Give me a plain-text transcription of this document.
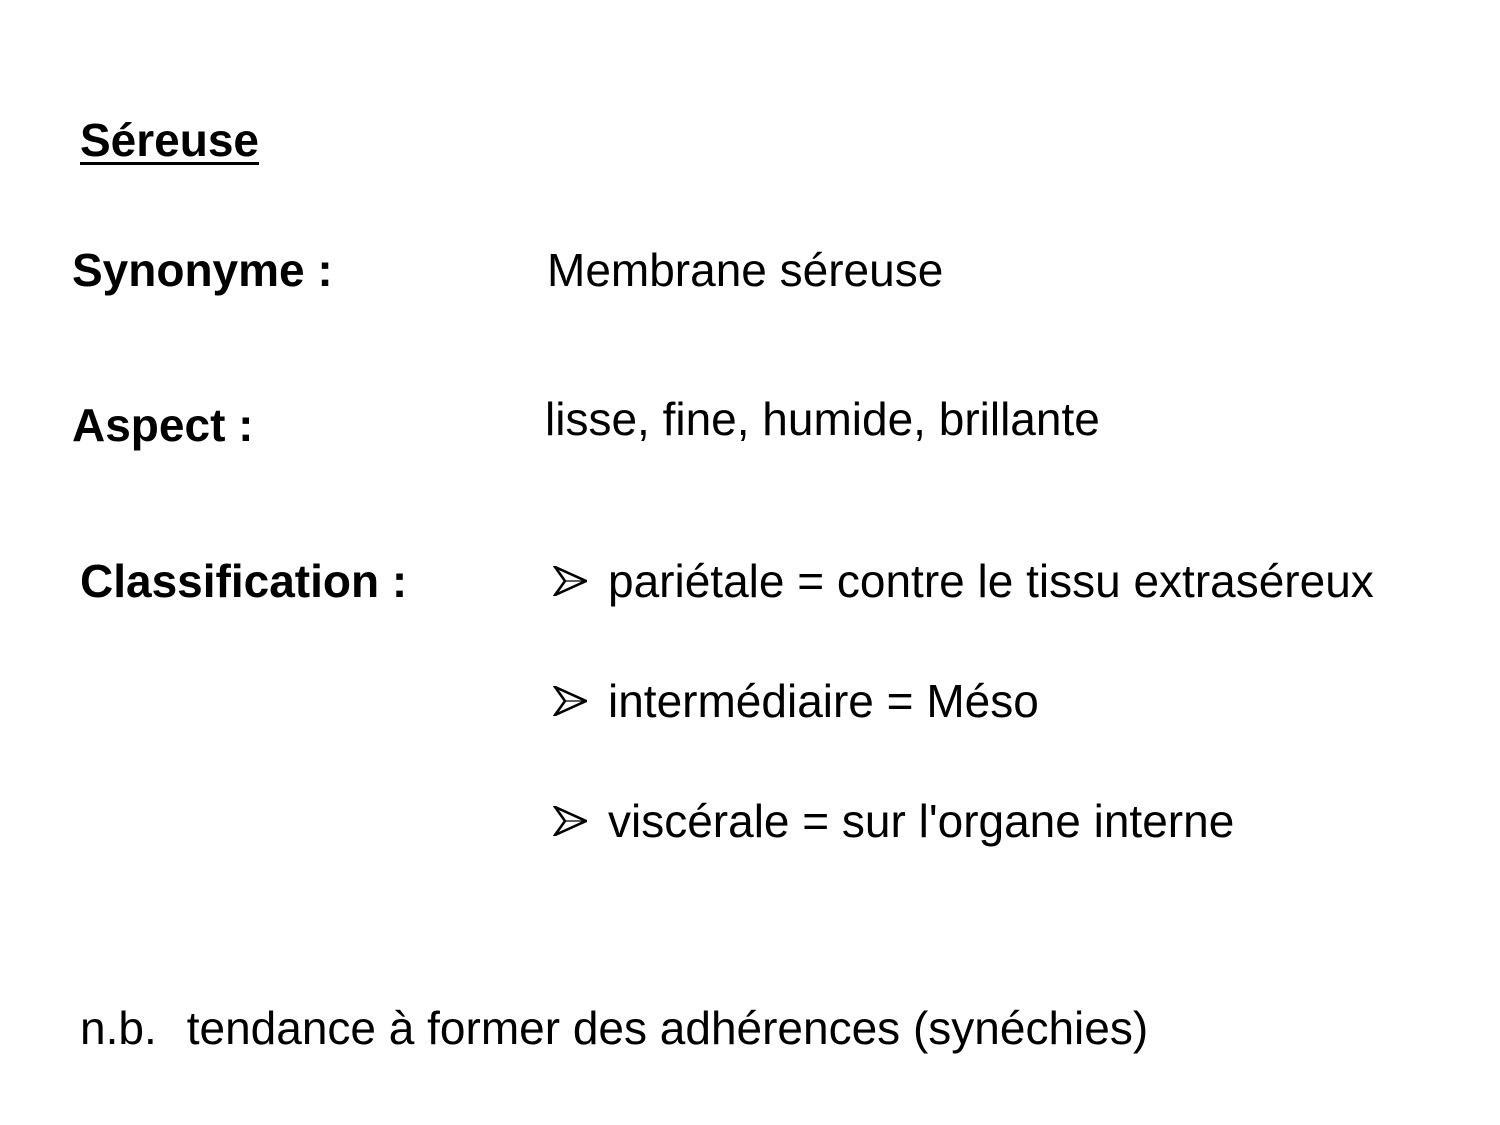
Séreuse
Synonyme :	Membrane séreuse
Aspect :	lisse, fine, humide, brillante
Classification :	pariétale = contre le tissu extraséreux
intermédiaire = Méso
viscérale = sur l'organe interne
n.b. tendance à former des adhérences (synéchies)
